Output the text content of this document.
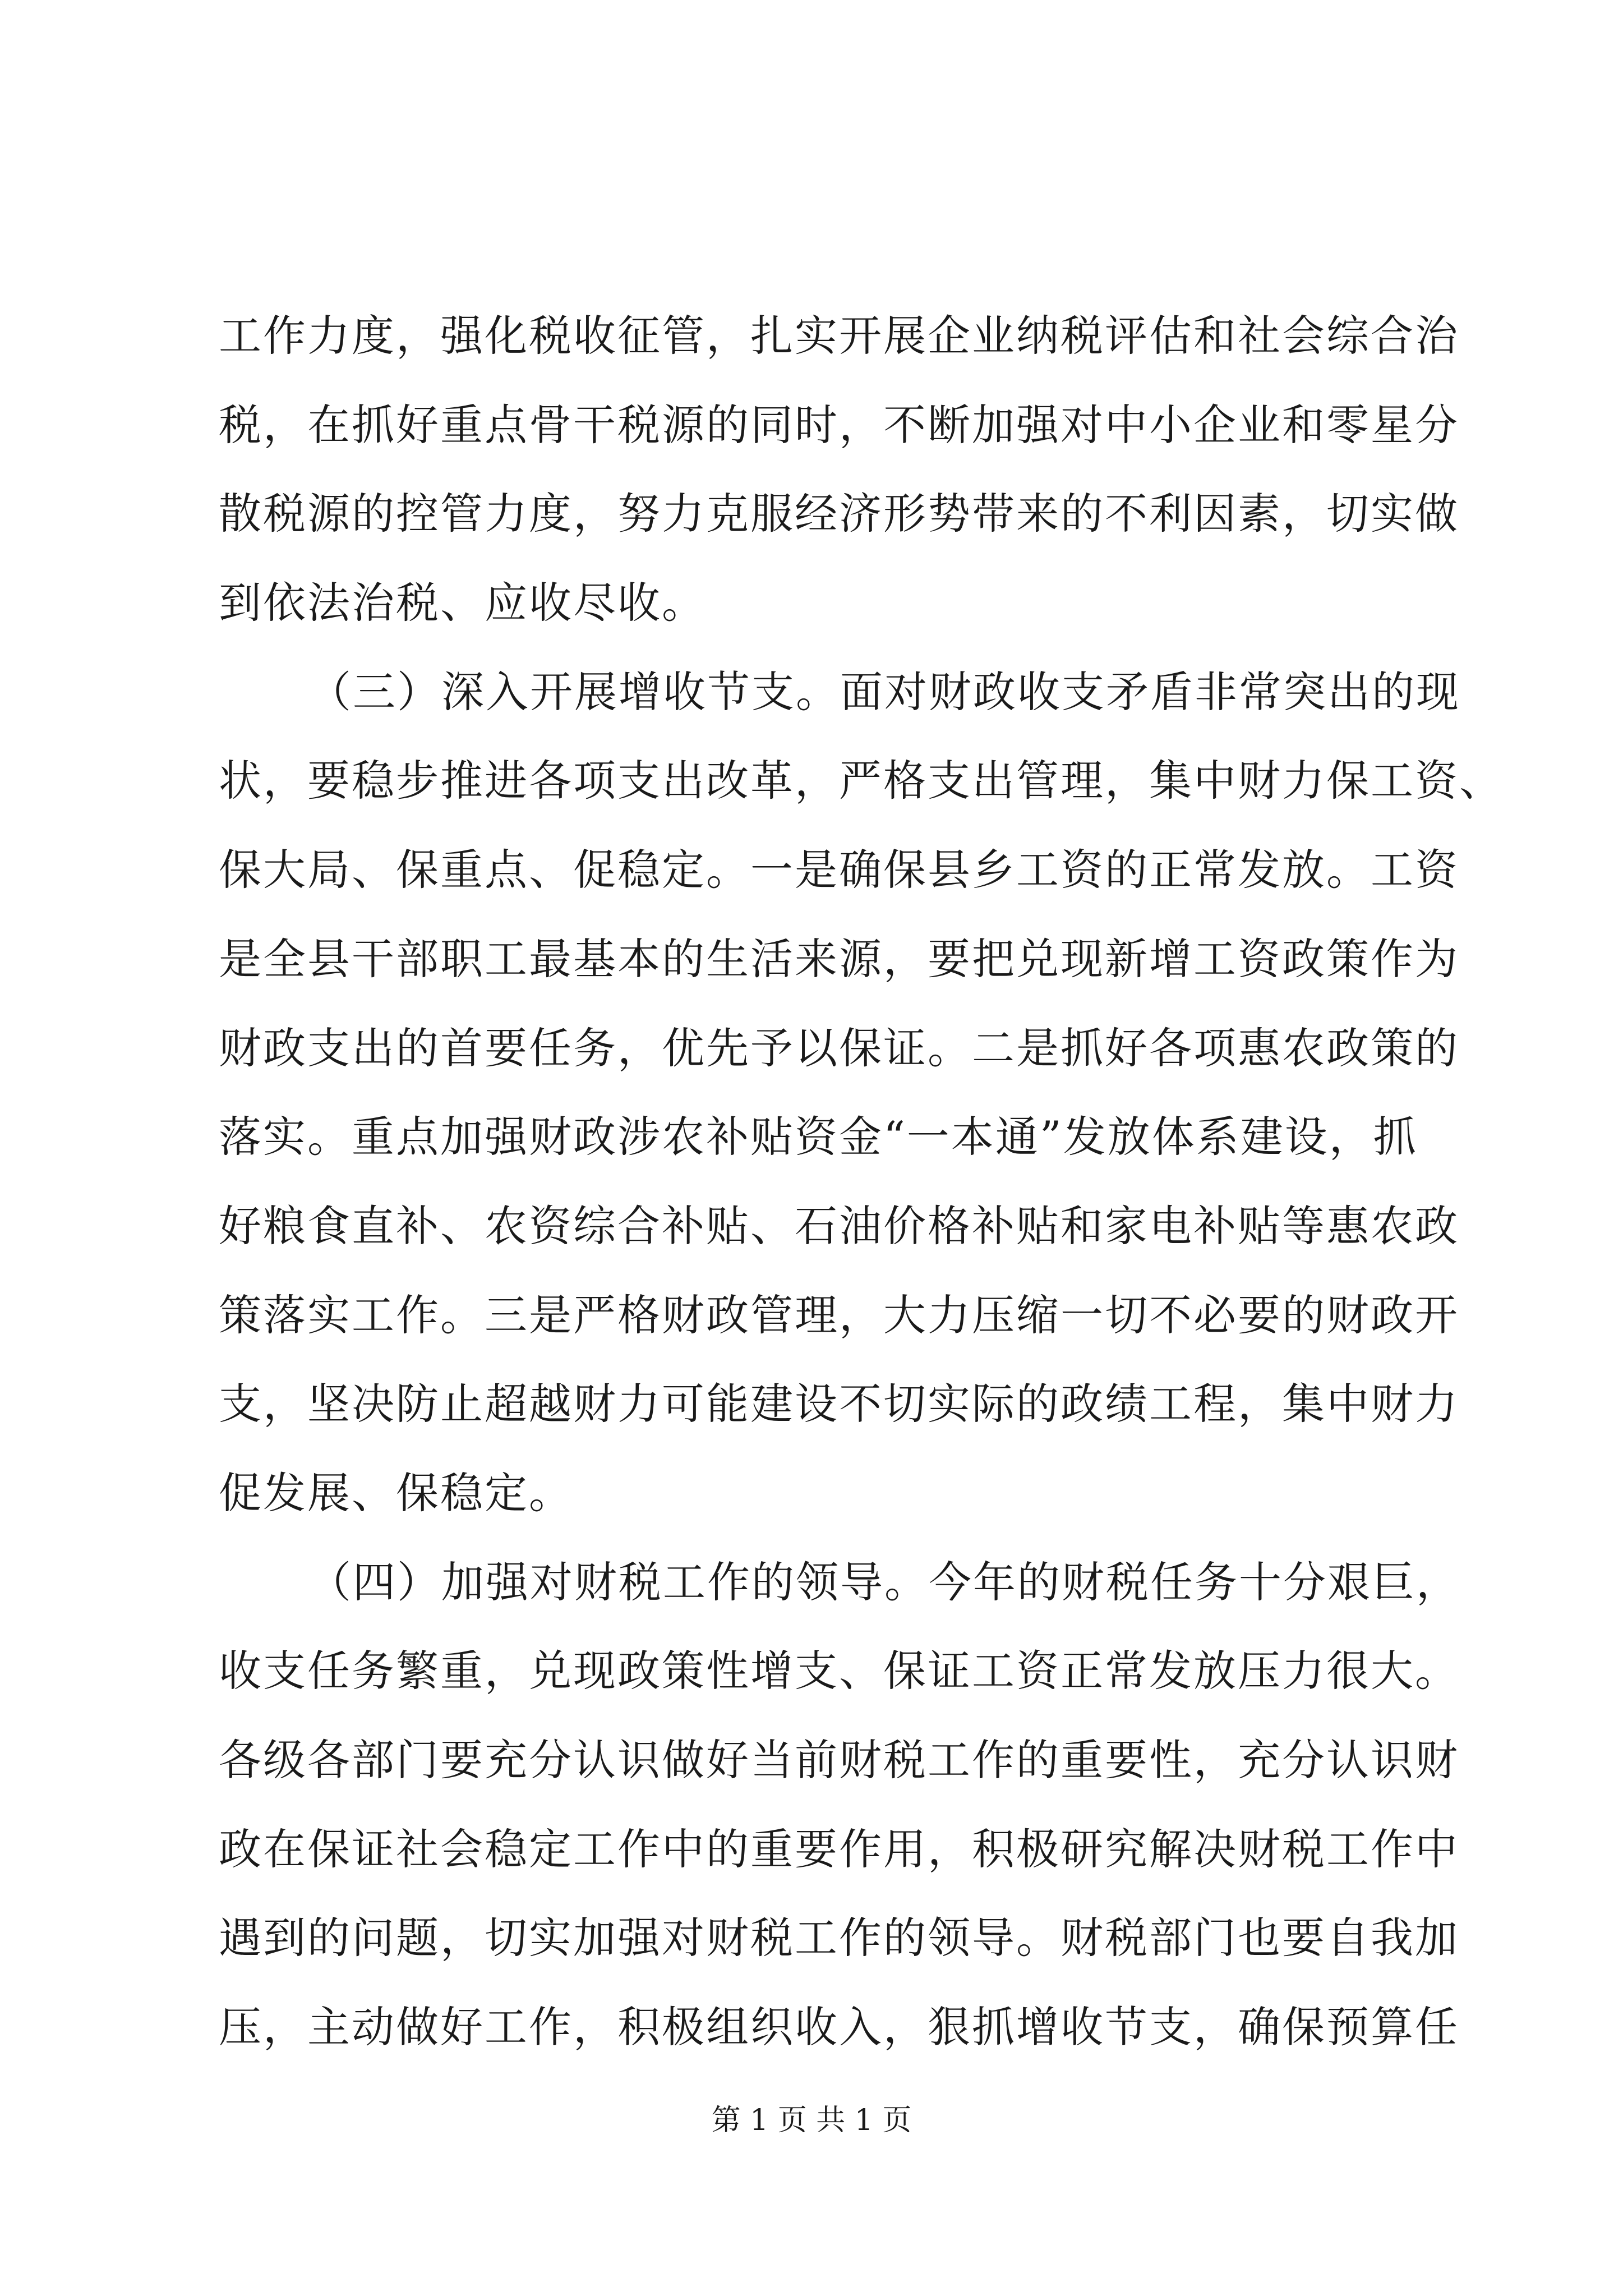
工作力度，强化税收征管，扎实开展企业纳税评估和社会综合治
税，在抓好重点骨干税源的同时，不断加强对中小企业和零星分
散税源的控管力度，努力克服经济形势带来的不利因素，切实做
到依法治税、应收尽收。
（三）深入开展增收节支。面对财政收支矛盾非常突出的现
状，要稳步推进各项支出改革，严格支出管理，集中财力保工资、
保大局、保重点、促稳定。一是确保县乡工资的正常发放。工资
是全县干部职工最基本的生活来源，要把兑现新增工资政策作为
财政支出的首要任务，优先予以保证。二是抓好各项惠农政策的
落实。重点加强财政涉农补贴资金“一本通”发放体系建设，抓
好粮食直补、农资综合补贴、石油价格补贴和家电补贴等惠农政
策落实工作。三是严格财政管理，大力压缩一切不必要的财政开
支，坚决防止超越财力可能建设不切实际的政绩工程，集中财力
促发展、保稳定。
（四）加强对财税工作的领导。今年的财税任务十分艰巨，
收支任务繁重，兑现政策性增支、保证工资正常发放压力很大。
各级各部门要充分认识做好当前财税工作的重要性，充分认识财
政在保证社会稳定工作中的重要作用，积极研究解决财税工作中
遇到的问题，切实加强对财税工作的领导。财税部门也要自我加
压，主动做好工作，积极组织收入，狠抓增收节支，确保预算任
第 1 页 共 1 页
